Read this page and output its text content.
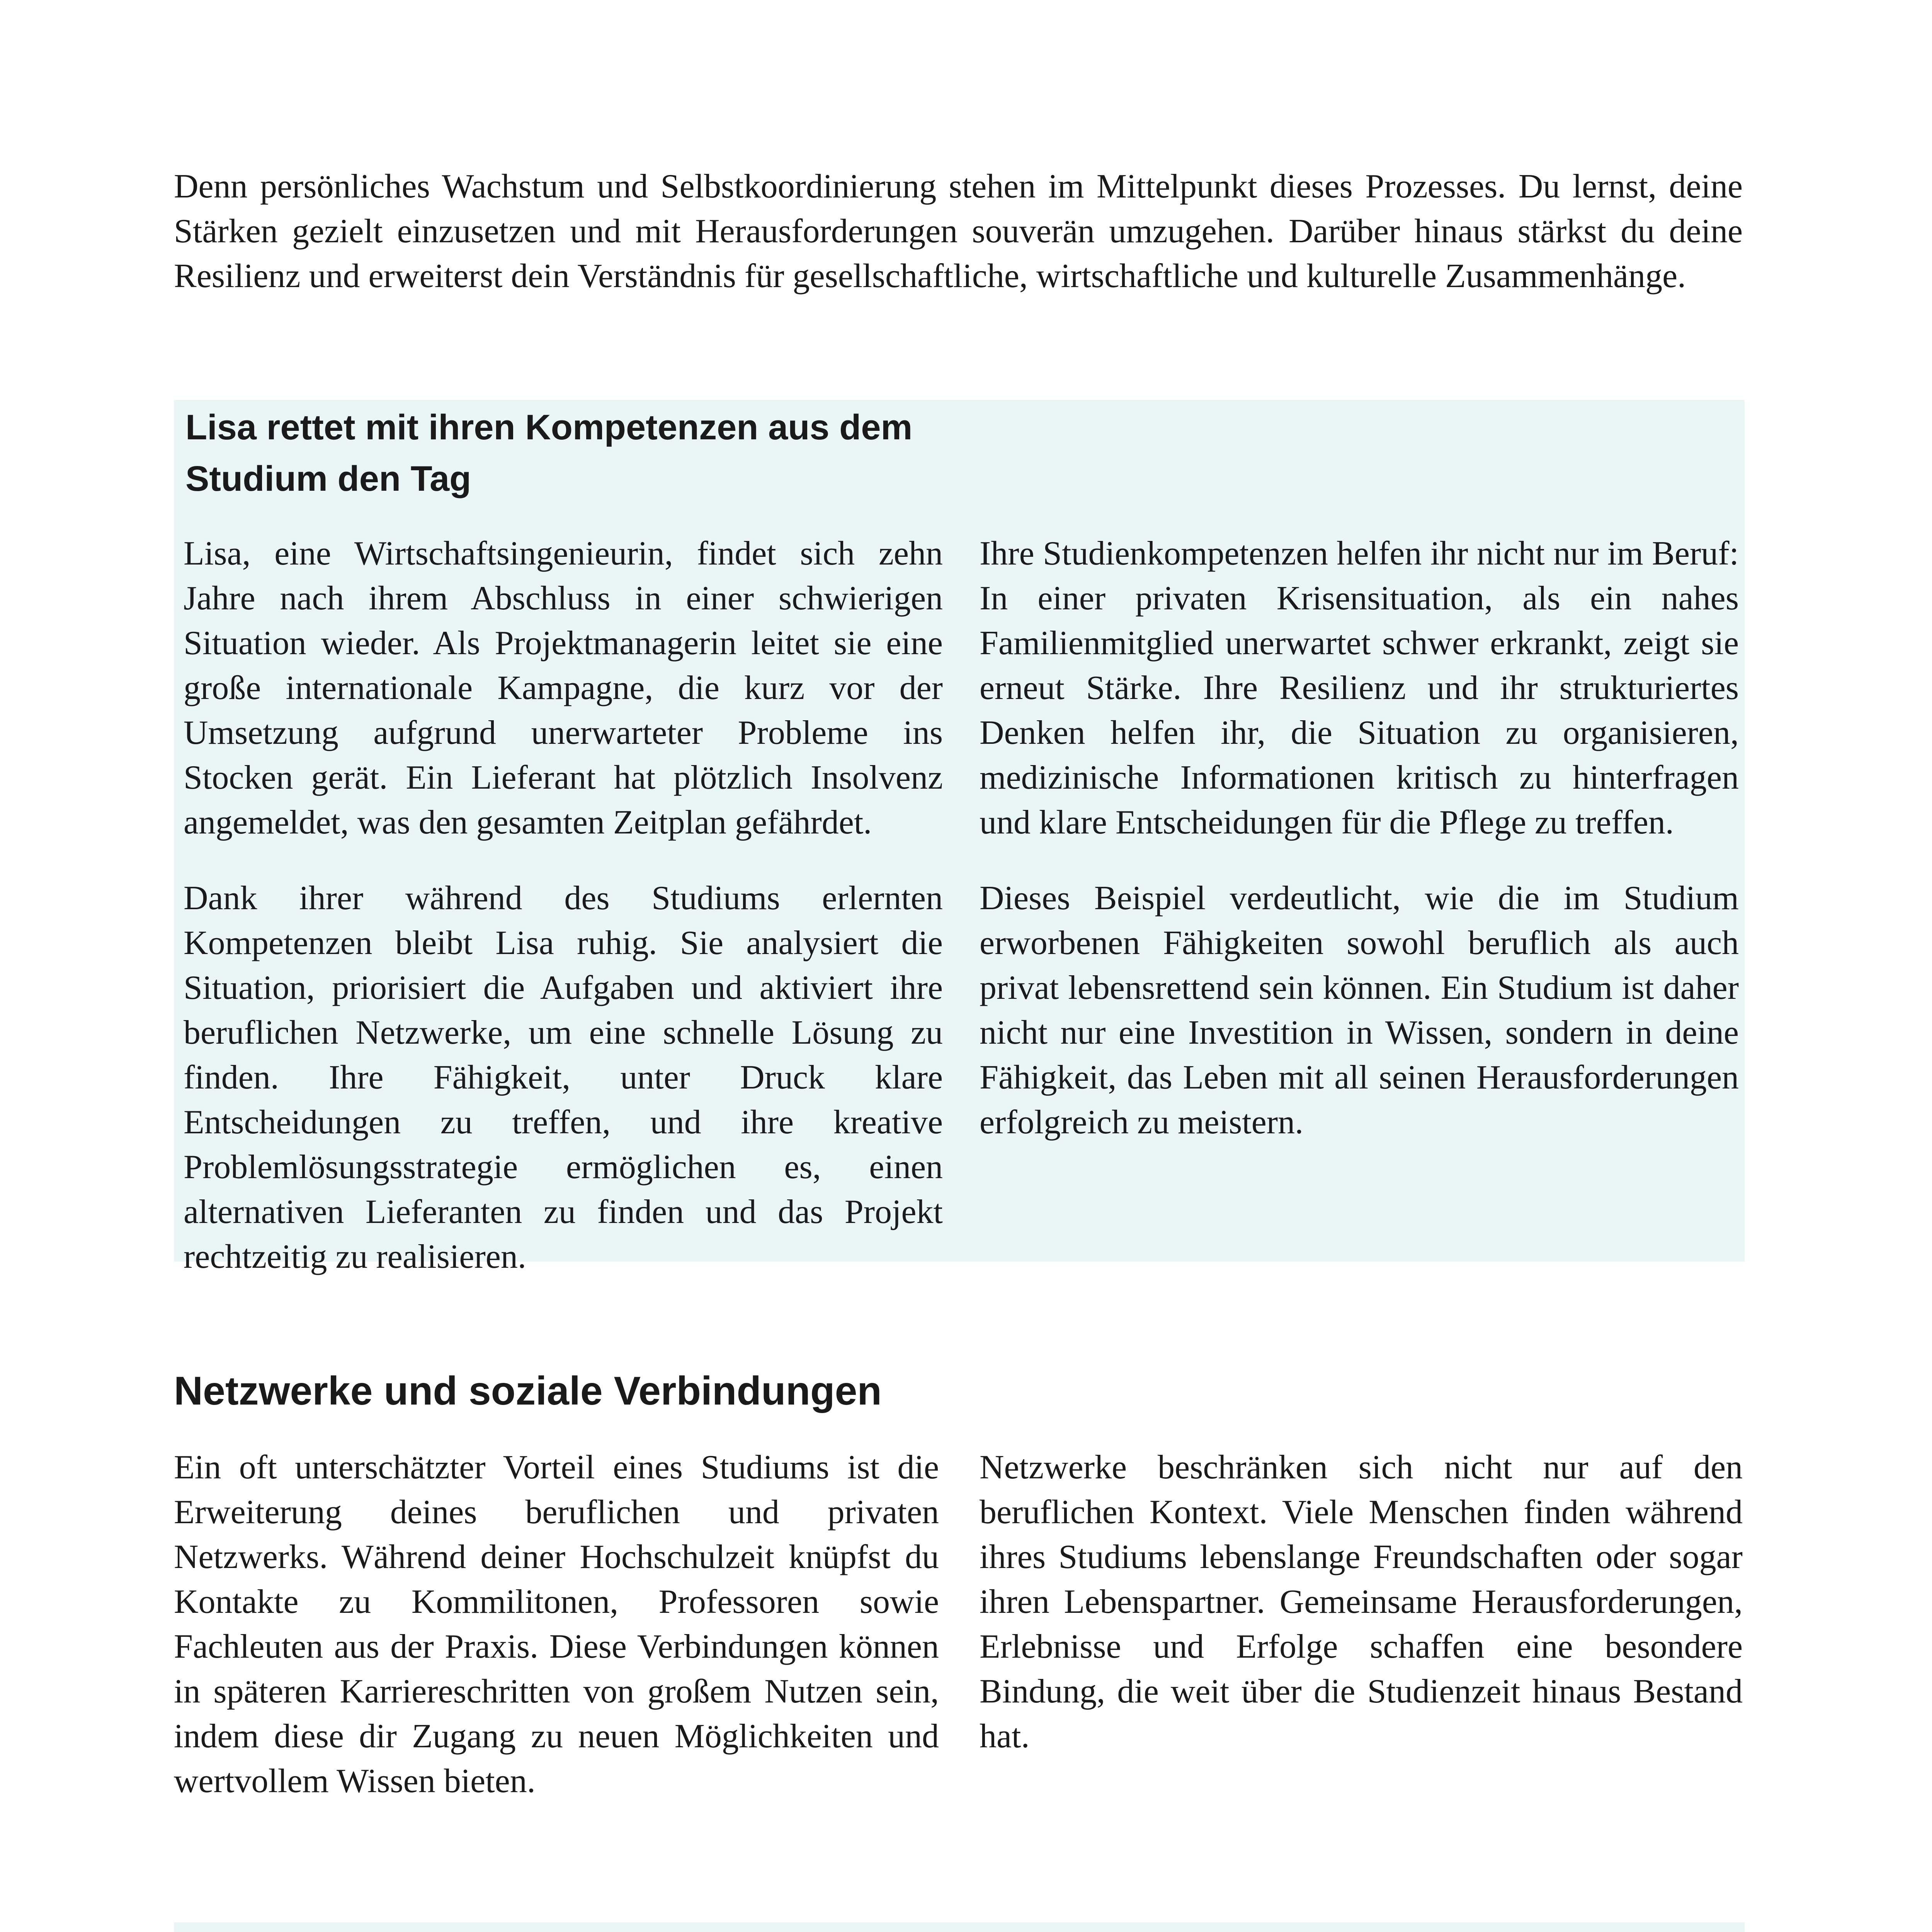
Denn persönliches Wachstum und Selbstkoordinierung stehen im Mittelpunkt dieses Prozesses. Du lernst, deine Stärken gezielt einzusetzen und mit Herausforderungen souverän umzugehen. Darüber hinaus stärkst du deine Resilienz und erweiterst dein Verständnis für gesellschaftliche, wirtschaftliche und kulturelle Zusammenhänge.

Lisa rettet mit ihren Kompetenzen aus dem Studium den Tag

Lisa, eine Wirtschaftsingenieurin, findet sich zehn Jahre nach ihrem Abschluss in einer schwierigen Situation wieder. Als Projektmanagerin leitet sie eine große internationale Kampagne, die kurz vor der Umsetzung aufgrund unerwarteter Probleme ins Stocken gerät. Ein Lieferant hat plötzlich Insolvenz angemeldet, was den gesamten Zeitplan gefährdet.

Dank ihrer während des Studiums erlernten Kompetenzen bleibt Lisa ruhig. Sie analysiert die Situation, priorisiert die Aufgaben und aktiviert ihre beruflichen Netzwerke, um eine schnelle Lösung zu finden. Ihre Fähigkeit, unter Druck klare Entscheidungen zu treffen, und ihre kreative Problemlösungsstrategie ermöglichen es, einen alternativen Lieferanten zu finden und das Projekt rechtzeitig zu realisieren.

Ihre Studienkompetenzen helfen ihr nicht nur im Beruf: In einer privaten Krisensituation, als ein nahes Familienmitglied unerwartet schwer erkrankt, zeigt sie erneut Stärke. Ihre Resilienz und ihr strukturiertes Denken helfen ihr, die Situation zu organisieren, medizinische Informationen kritisch zu hinterfragen und klare Entscheidungen für die Pflege zu treffen.

Dieses Beispiel verdeutlicht, wie die im Studium erworbenen Fähigkeiten sowohl beruflich als auch privat lebensrettend sein können. Ein Studium ist daher nicht nur eine Investition in Wissen, sondern in deine Fähigkeit, das Leben mit all seinen Herausforderungen erfolgreich zu meistern.

Netzwerke und soziale Verbindungen

Ein oft unterschätzter Vorteil eines Studiums ist die Erweiterung deines beruflichen und privaten Netzwerks. Während deiner Hochschulzeit knüpfst du Kontakte zu Kommilitonen, Professoren sowie Fachleuten aus der Praxis. Diese Verbindungen können in späteren Karriereschritten von großem Nutzen sein, indem diese dir Zugang zu neuen Möglichkeiten und wertvollem Wissen bieten.

Netzwerke beschränken sich nicht nur auf den beruflichen Kontext. Viele Menschen finden während ihres Studiums lebenslange Freundschaften oder sogar ihren Lebenspartner. Gemeinsame Herausforderungen, Erlebnisse und Erfolge schaffen eine besondere Bindung, die weit über die Studienzeit hinaus Bestand hat.
